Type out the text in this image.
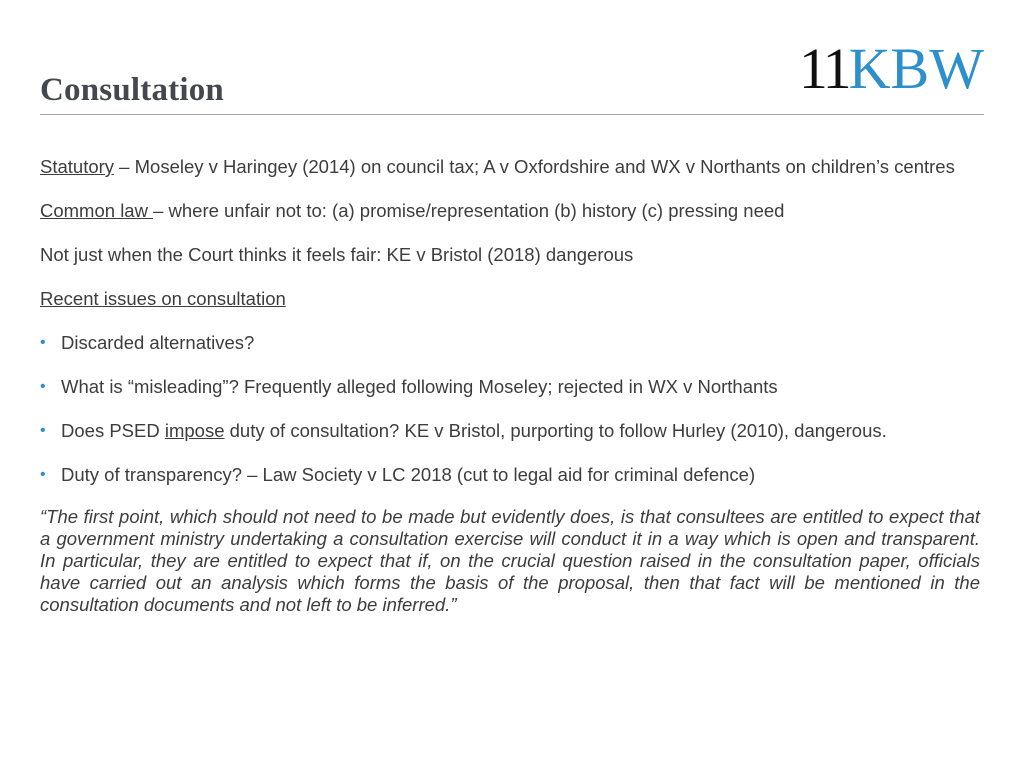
Consultation	11KBW

Statutory – Moseley v Haringey (2014) on council tax; A v Oxfordshire and WX v Northants on children’s centres

Common law – where unfair not to: (a) promise/representation (b) history (c) pressing need

Not just when the Court thinks it feels fair: KE v Bristol (2018) dangerous

Recent issues on consultation

• Discarded alternatives?
• What is “misleading”? Frequently alleged following Moseley; rejected in WX v Northants
• Does PSED impose duty of consultation? KE v Bristol, purporting to follow Hurley (2010), dangerous.
• Duty of transparency? – Law Society v LC 2018 (cut to legal aid for criminal defence)

“The first point, which should not need to be made but evidently does, is that consultees are entitled to expect that a government ministry undertaking a consultation exercise will conduct it in a way which is open and transparent. In particular, they are entitled to expect that if, on the crucial question raised in the consultation paper, officials have carried out an analysis which forms the basis of the proposal, then that fact will be mentioned in the consultation documents and not left to be inferred.”
